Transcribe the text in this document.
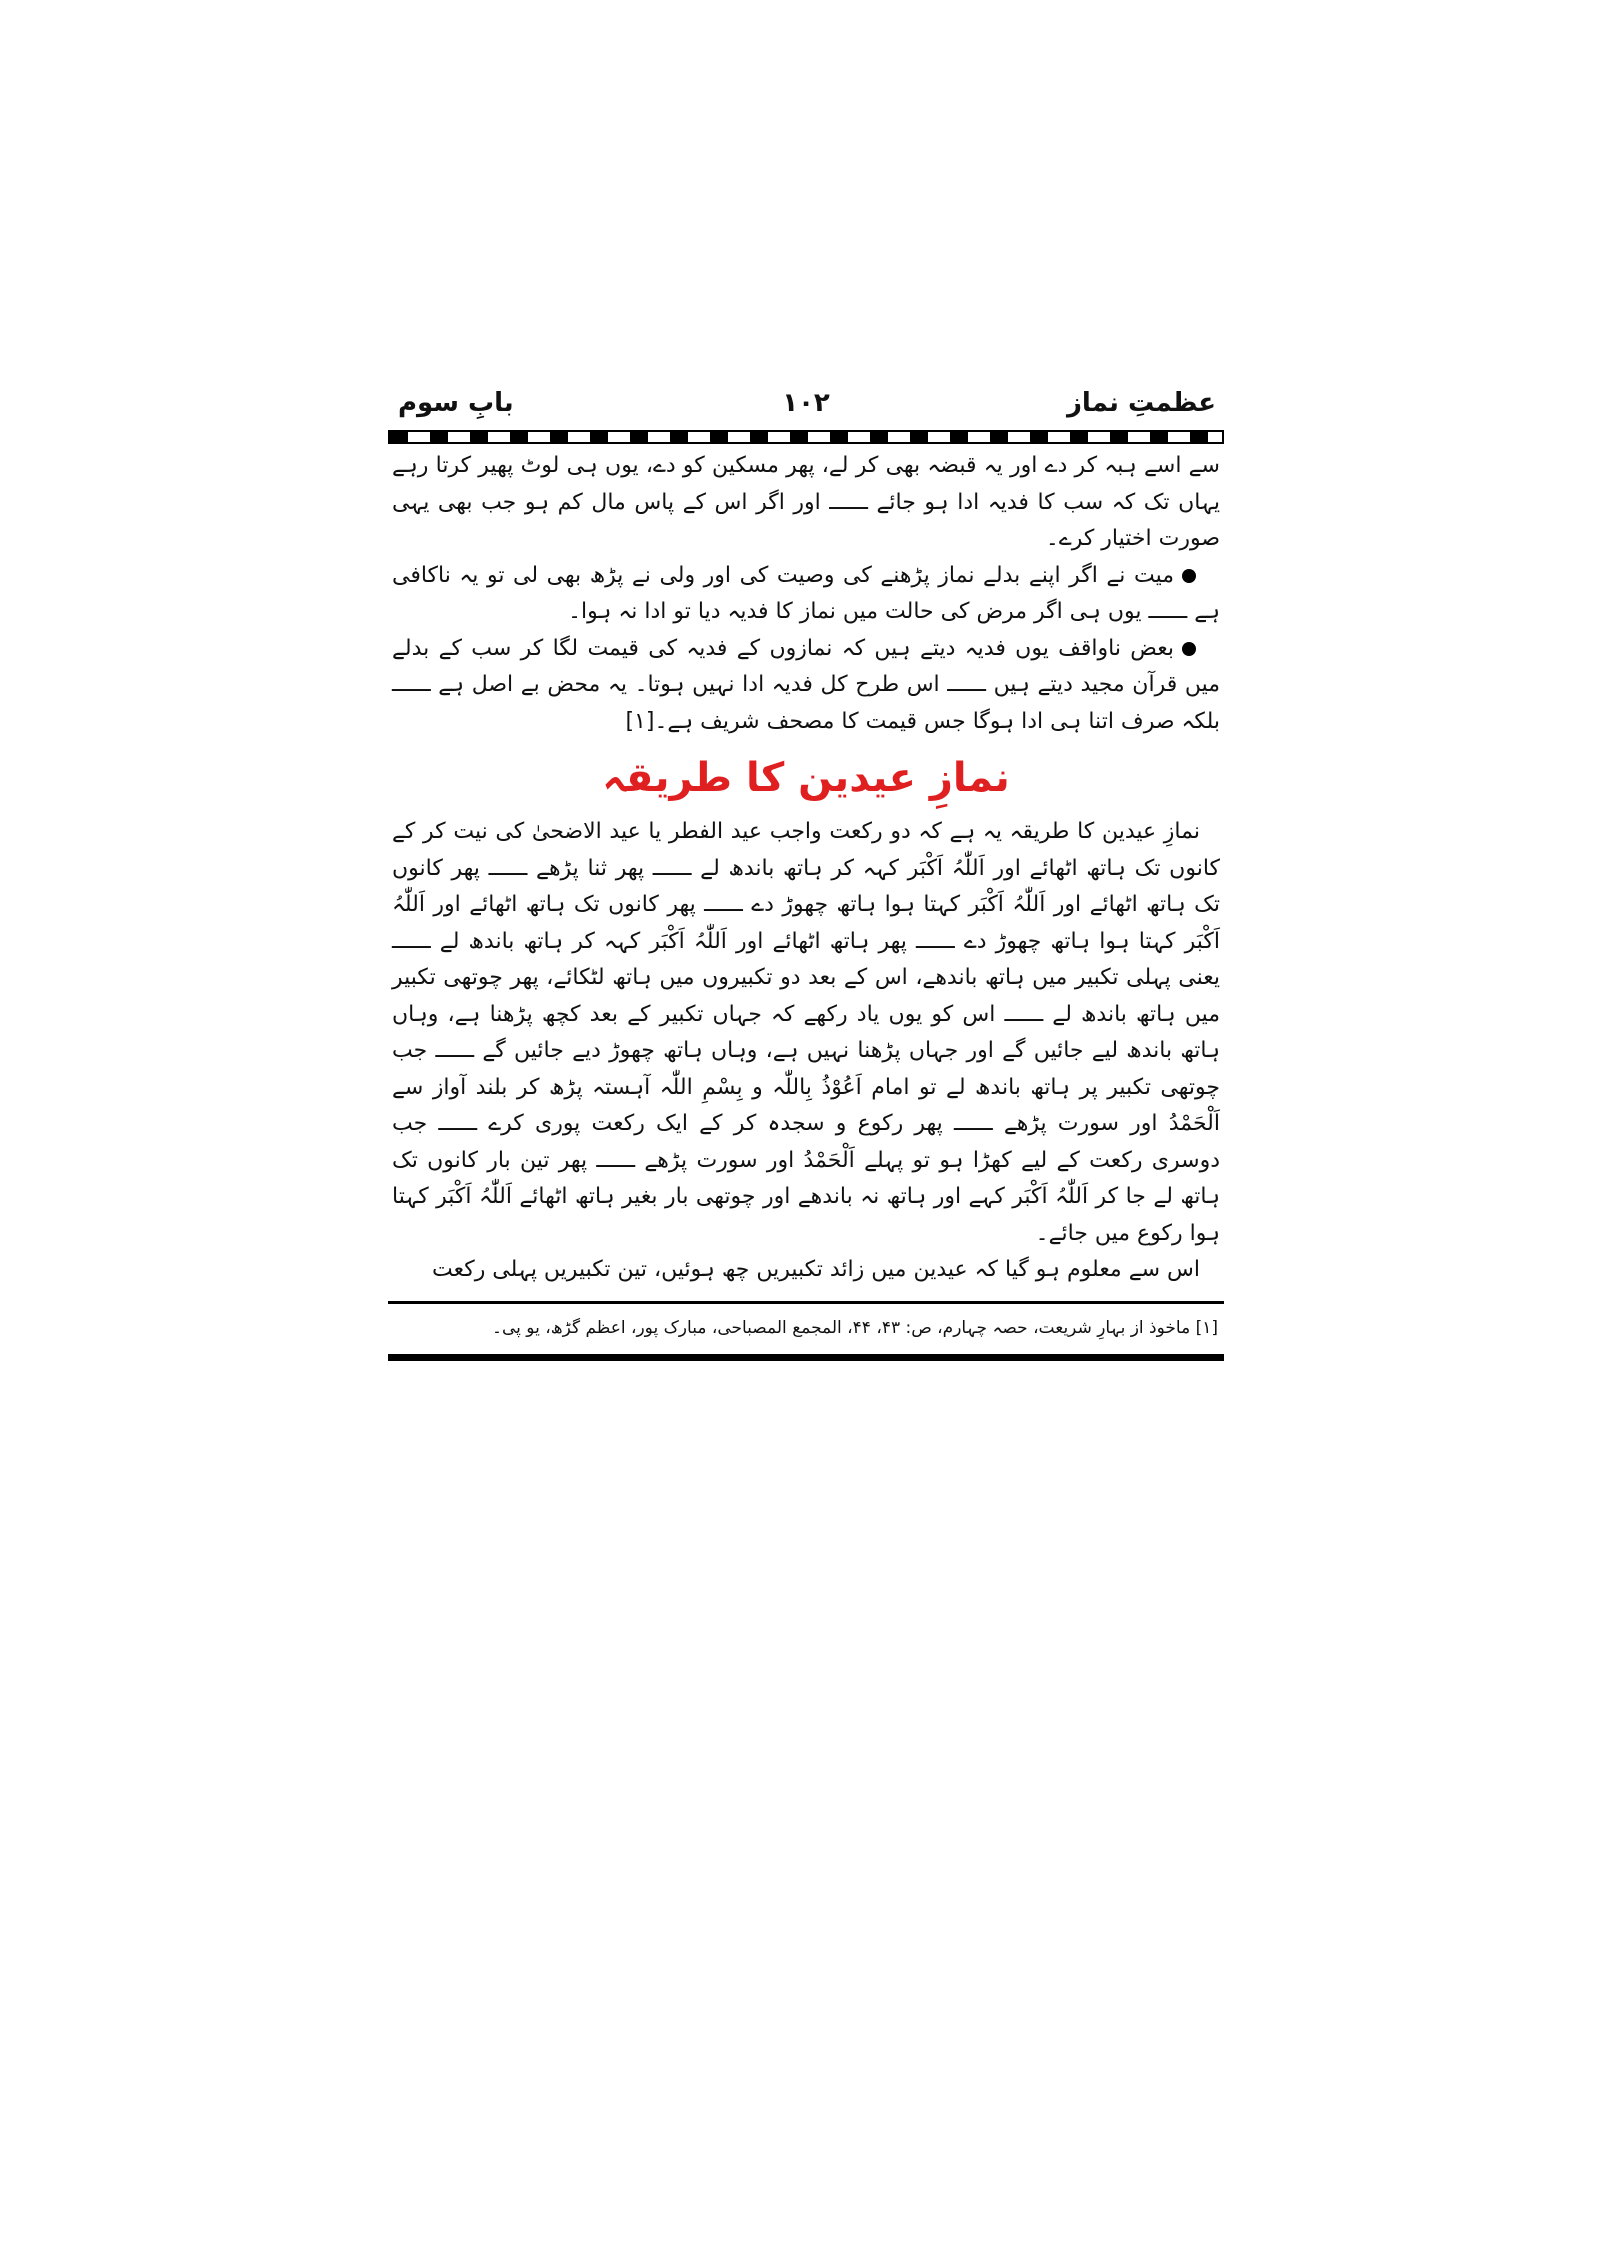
عظمتِ نماز
۱۰۲
بابِ سوم

سے اسے ہبہ کر دے اور یہ قبضہ بھی کر لے، پھر مسکین کو دے، یوں ہی لوٹ پھیر کرتا رہے یہاں تک کہ سب کا فدیہ ادا ہو جائے ــــــ اور اگر اس کے پاس مال کم ہو جب بھی یہی صورت اختیار کرے۔

میت نے اگر اپنے بدلے نماز پڑھنے کی وصیت کی اور ولی نے پڑھ بھی لی تو یہ ناکافی ہے ــــــ یوں ہی اگر مرض کی حالت میں نماز کا فدیہ دیا تو ادا نہ ہوا۔

بعض ناواقف یوں فدیہ دیتے ہیں کہ نمازوں کے فدیہ کی قیمت لگا کر سب کے بدلے میں قرآن مجید دیتے ہیں ــــــ اس طرح کل فدیہ ادا نہیں ہوتا۔ یہ محض بے اصل ہے ــــــ بلکہ صرف اتنا ہی ادا ہوگا جس قیمت کا مصحف شریف ہے۔[۱]

نمازِ عیدین کا طریقہ

نمازِ عیدین کا طریقہ یہ ہے کہ دو رکعت واجب عید الفطر یا عید الاضحیٰ کی نیت کر کے کانوں تک ہاتھ اٹھائے اور اَللّٰہُ اَکْبَر کہہ کر ہاتھ باندھ لے ــــــ پھر ثنا پڑھے ــــــ پھر کانوں تک ہاتھ اٹھائے اور اَللّٰہُ اَکْبَر کہتا ہوا ہاتھ چھوڑ دے ــــــ پھر کانوں تک ہاتھ اٹھائے اور اَللّٰہُ اَکْبَر کہتا ہوا ہاتھ چھوڑ دے ــــــ پھر ہاتھ اٹھائے اور اَللّٰہُ اَکْبَر کہہ کر ہاتھ باندھ لے ــــــ یعنی پہلی تکبیر میں ہاتھ باندھے، اس کے بعد دو تکبیروں میں ہاتھ لٹکائے، پھر چوتھی تکبیر میں ہاتھ باندھ لے ــــــ اس کو یوں یاد رکھے کہ جہاں تکبیر کے بعد کچھ پڑھنا ہے، وہاں ہاتھ باندھ لیے جائیں گے اور جہاں پڑھنا نہیں ہے، وہاں ہاتھ چھوڑ دیے جائیں گے ــــــ جب چوتھی تکبیر پر ہاتھ باندھ لے تو امام اَعُوْذُ بِاللّٰہ و بِسْمِ اللّٰہ آہستہ پڑھ کر بلند آواز سے اَلْحَمْدُ اور سورت پڑھے ــــــ پھر رکوع و سجدہ کر کے ایک رکعت پوری کرے ــــــ جب دوسری رکعت کے لیے کھڑا ہو تو پہلے اَلْحَمْدُ اور سورت پڑھے ــــــ پھر تین بار کانوں تک ہاتھ لے جا کر اَللّٰہُ اَکْبَر کہے اور ہاتھ نہ باندھے اور چوتھی بار بغیر ہاتھ اٹھائے اَللّٰہُ اَکْبَر کہتا ہوا رکوع میں جائے۔

اس سے معلوم ہو گیا کہ عیدین میں زائد تکبیریں چھ ہوئیں، تین تکبیریں پہلی رکعت

[۱] ماخوذ از بہارِ شریعت، حصہ چہارم، ص: ۴۳، ۴۴، المجمع المصباحی، مبارک پور، اعظم گڑھ، یو پی۔
